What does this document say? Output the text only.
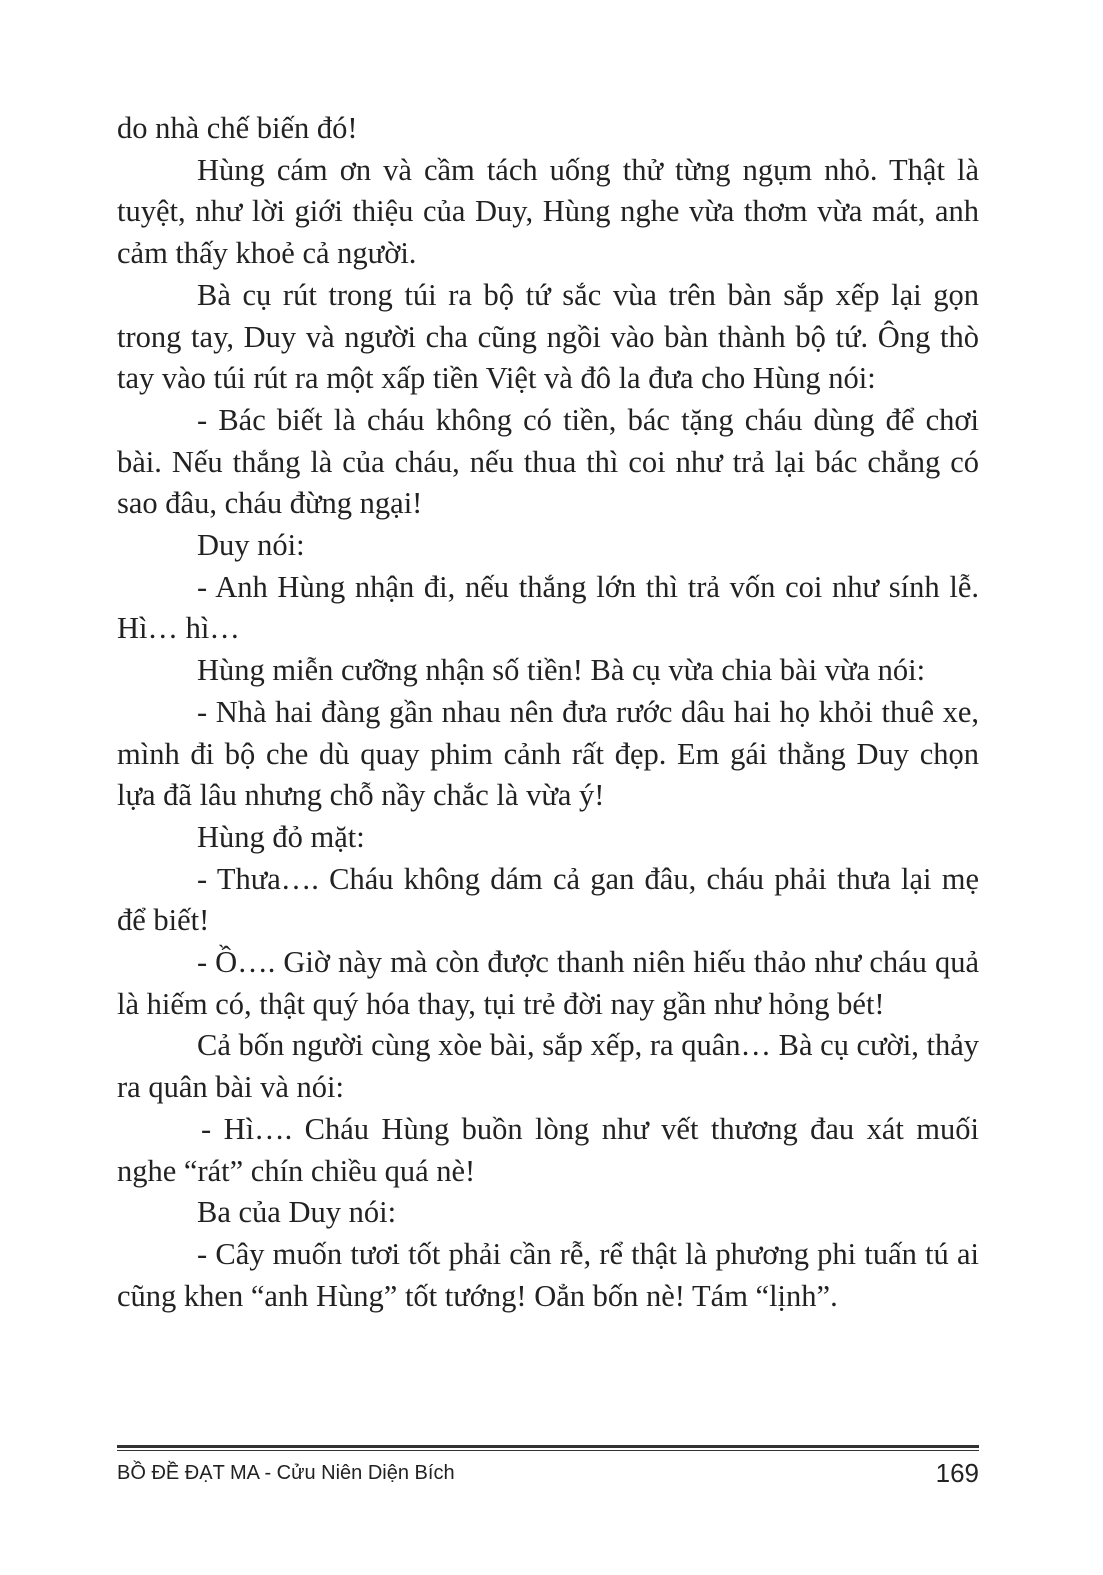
do nhà chế biến đó!

Hùng cám ơn và cầm tách uống thử từng ngụm nhỏ. Thật là tuyệt, như lời giới thiệu của Duy, Hùng nghe vừa thơm vừa mát, anh cảm thấy khoẻ cả người.

Bà cụ rút trong túi ra bộ tứ sắc vùa trên bàn sắp xếp lại gọn trong tay, Duy và người cha cũng ngồi vào bàn thành bộ tứ. Ông thò tay vào túi rút ra một xấp tiền Việt và đô la đưa cho Hùng nói:

- Bác biết là cháu không có tiền, bác tặng cháu dùng để chơi bài. Nếu thắng là của cháu, nếu thua thì coi như trả lại bác chẳng có sao đâu, cháu đừng ngại!

Duy nói:

- Anh Hùng nhận đi, nếu thắng lớn thì trả vốn coi như sính lễ. Hì… hì…

Hùng miễn cưỡng nhận số tiền! Bà cụ vừa chia bài vừa nói:

- Nhà hai đàng gần nhau nên đưa rước dâu hai họ khỏi thuê xe, mình đi bộ che dù quay phim cảnh rất đẹp. Em gái thằng Duy chọn lựa đã lâu nhưng chỗ nầy chắc là vừa ý!

Hùng đỏ mặt:

- Thưa…. Cháu không dám cả gan đâu, cháu phải thưa lại mẹ để biết!

- Ồ…. Giờ này mà còn được thanh niên hiếu thảo như cháu quả là hiếm có, thật quý hóa thay, tụi trẻ đời nay gần như hỏng bét!

Cả bốn người cùng xòe bài, sắp xếp, ra quân… Bà cụ cười, thảy ra quân bài và nói:

- Hì…. Cháu Hùng buồn lòng như vết thương đau xát muối nghe “rát” chín chiều quá nè!

Ba của Duy nói:

- Cây muốn tươi tốt phải cần rễ, rể thật là phương phi tuấn tú ai cũng khen “anh Hùng” tốt tướng! Oẳn bốn nè! Tám “lịnh”.

BỒ ĐỀ ĐẠT MA - Cửu Niên Diện Bích	169
